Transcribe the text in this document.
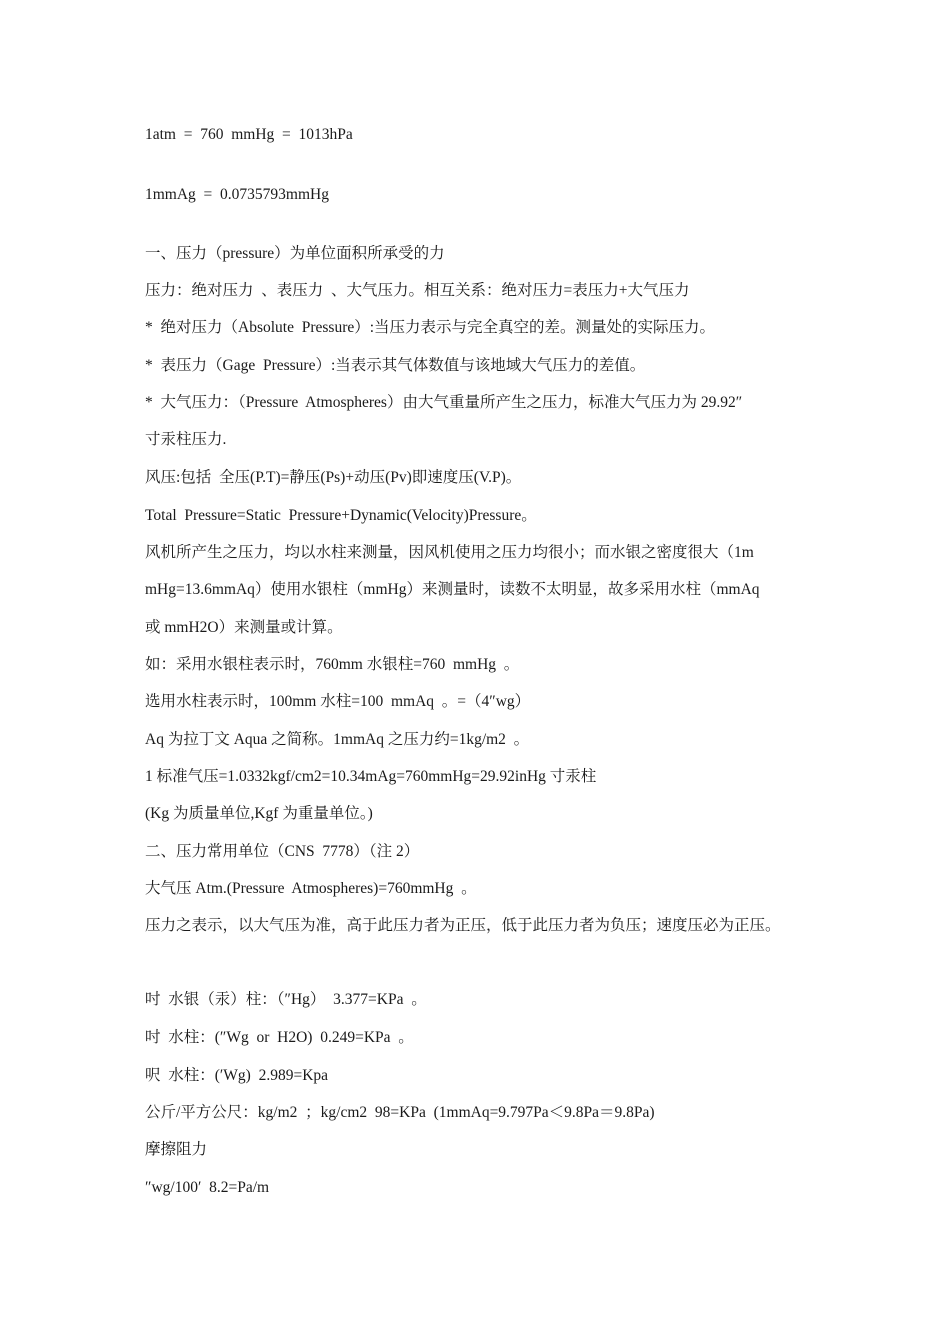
1atm  =  760  mmHg  =  1013hPa
1mmAg  =  0.0735793mmHg
一、压力（pressure）为单位面积所承受的力
压力：绝对压力  、表压力  、大气压力。相互关系：绝对压力=表压力+大气压力
*  绝对压力（Absolute  Pressure）:当压力表示与完全真空的差。测量处的实际压力。
*  表压力（Gage  Pressure）:当表示其气体数值与该地域大气压力的差值。
*  大气压力：（Pressure  Atmospheres）由大气重量所产生之压力，标准大气压力为 29.92″
寸汞柱压力.
风压:包括  全压(P.T)=静压(Ps)+动压(Pv)即速度压(V.P)。
Total  Pressure=Static  Pressure+Dynamic(Velocity)Pressure。
风机所产生之压力，均以水柱来测量，因风机使用之压力均很小；而水银之密度很大（1m
mHg=13.6mmAq）使用水银柱（mmHg）来测量时，读数不太明显，故多采用水柱（mmAq
或 mmH2O）来测量或计算。
如：采用水银柱表示时，760mm 水银柱=760  mmHg  。
选用水柱表示时，100mm 水柱=100  mmAq  。=（4″wg）
Aq 为拉丁文 Aqua 之简称。1mmAq 之压力约=1kg/m2  。
1 标准气压=1.0332kgf/cm2=10.34mAg=760mmHg=29.92inHg 寸汞柱
(Kg 为质量单位,Kgf 为重量单位。)
二、压力常用单位（CNS  7778）（注 2）
大气压 Atm.(Pressure  Atmospheres)=760mmHg  。
压力之表示，以大气压为准，高于此压力者为正压，低于此压力者为负压；速度压必为正压。
吋  水银（汞）柱：（″Hg）  3.377=KPa  。
吋  水柱：(″Wg  or  H2O)  0.249=KPa  。
呎  水柱：(′Wg)  2.989=Kpa
公斤/平方公尺：kg/m2  ；kg/cm2  98=KPa  (1mmAq=9.797Pa＜9.8Pa＝9.8Pa)
摩擦阻力
″wg/100′  8.2=Pa/m
